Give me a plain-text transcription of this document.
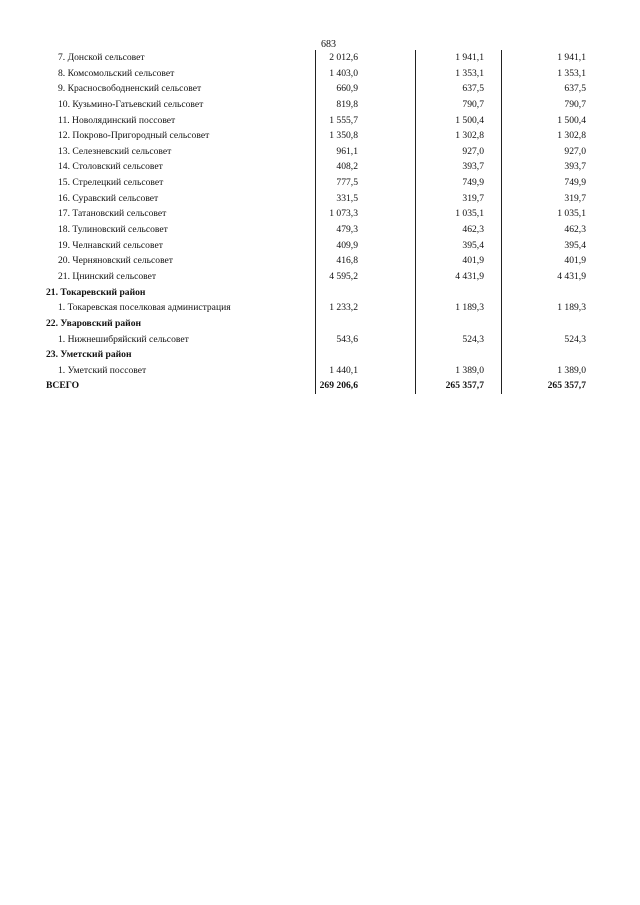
683
7. Донской сельсовет	2 012,6	1 941,1	1 941,1
8. Комсомольский сельсовет	1 403,0	1 353,1	1 353,1
9. Красносвободненский сельсовет	660,9	637,5	637,5
10. Кузьмино-Гатьевский сельсовет	819,8	790,7	790,7
11. Новолядинский поссовет	1 555,7	1 500,4	1 500,4
12. Покрово-Пригородный сельсовет	1 350,8	1 302,8	1 302,8
13. Селезневский сельсовет	961,1	927,0	927,0
14. Столовский сельсовет	408,2	393,7	393,7
15. Стрелецкий сельсовет	777,5	749,9	749,9
16. Суравский сельсовет	331,5	319,7	319,7
17. Татановский сельсовет	1 073,3	1 035,1	1 035,1
18. Тулиновский сельсовет	479,3	462,3	462,3
19. Челнавский сельсовет	409,9	395,4	395,4
20. Черняновский сельсовет	416,8	401,9	401,9
21. Цнинский сельсовет	4 595,2	4 431,9	4 431,9
21. Токаревский район
1. Токаревская поселковая администрация	1 233,2	1 189,3	1 189,3
22. Уваровский район
1. Нижнешибряйский сельсовет	543,6	524,3	524,3
23. Уметский район
1. Уметский поссовет	1 440,1	1 389,0	1 389,0
ВСЕГО	269 206,6	265 357,7	265 357,7
